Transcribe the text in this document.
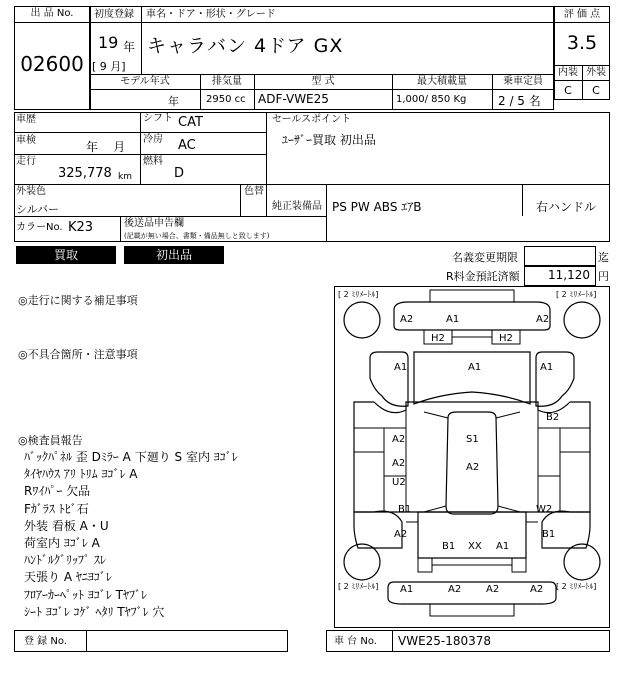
出 品 No.
02600
初度登録
19 年
[ 9 月]
車名・ドア・形状・グレード
キャラバン 4ドア GX
モデル年式	排気量	型 式	最大積載量	乗車定員
年	2950 cc ADF-VWE25	1,000/ 850 Kg	2 / 5 名
評 価 点
3.5
内装 外装
C	C
車歴	シフト CAT
車検	年    月
冷房 AC
走行
325,778 km
燃料
D
セールスポイント
ﾕｰｻﾞｰ買取 初出品
外装色
シルバー
色替
純正装備品 PS PW ABS ｴｱB	右ハンドル
カラーNo. K23	後送品申告欄
(記載が無い場合、書類・備品無しと致します)
買取	初出品	名義変更期限	迄
R料金預託済額 11,120 円
◎走行に関する補足事項
◎不具合箇所・注意事項
◎検査員報告
ﾊﾞｯｸﾊﾟﾈﾙ 歪 Dﾐﾗｰ A 下廻り S 室内 ﾖｺﾞﾚ
ﾀｲﾔﾊｳｽ ｱﾘ ﾄﾘﾑ ﾖｺﾞﾚ A
Rﾜｲﾊﾟｰ 欠品
Fｶﾞﾗｽ ﾄﾋﾞ石
外装 看板 A・U
荷室内 ﾖｺﾞﾚ A
ﾊﾝﾄﾞﾙｸﾞﾘｯﾌﾟ ｽﾚ
天張り A ﾔﾆﾖｺﾞﾚ
ﾌﾛｱｰｶｰﾍﾟｯﾄ ﾖｺﾞﾚ Tﾔﾌﾞﾚ
ｼｰﾄ ﾖｺﾞﾚ ｺｹﾞ ﾍﾀﾘ Tﾔﾌﾞﾚ 穴
[ 2 ﾐﾘﾒｰﾄﾙ]	[ 2 ﾐﾘﾒｰﾄﾙ]
[ 2 ﾐﾘﾒｰﾄﾙ]	[ 2 ﾐﾘﾒｰﾄﾙ]
A2	A1	A2
H2	H2
A1	A1	A1
B2
A2	S1
A2
A2
U2
B1	W2
A2	B1
B1 XX A1
A1	A2 A2	A2
登 録 No.	車 台 No. VWE25-180378
